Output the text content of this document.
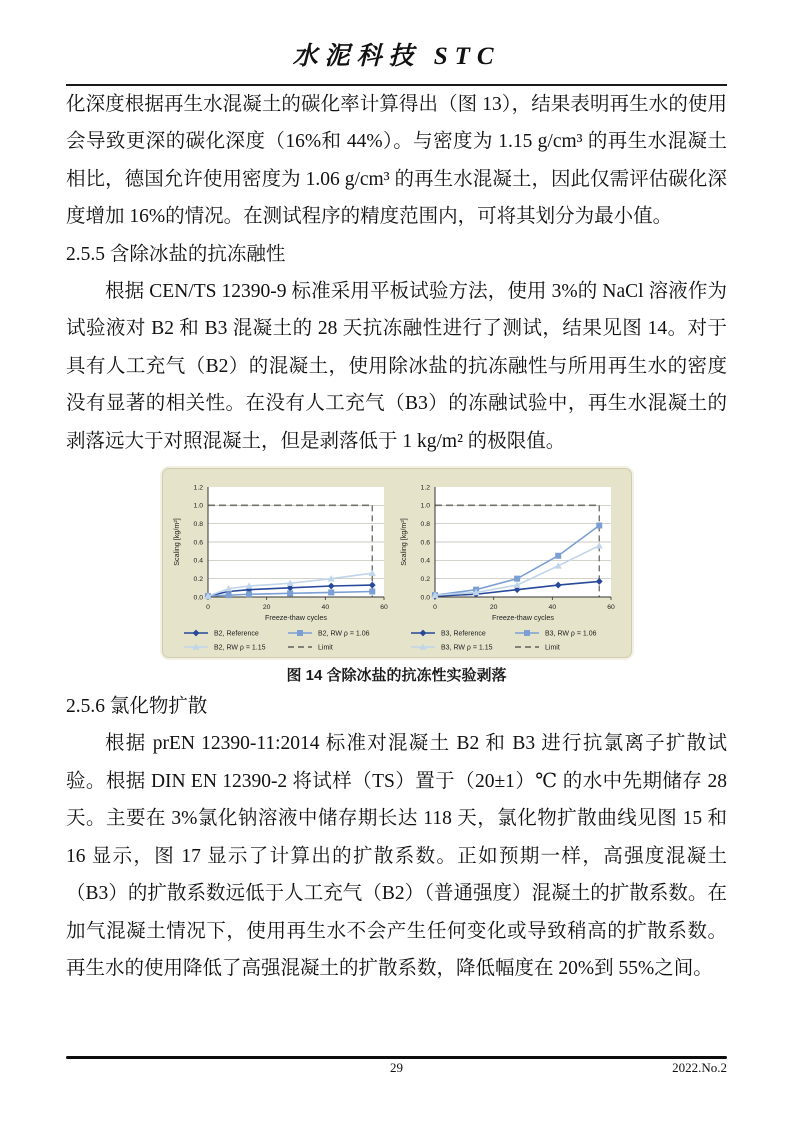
水泥科技 STC

化深度根据再生水混凝土的碳化率计算得出（图 13），结果表明再生水的使用会导致更深的碳化深度（16%和 44%）。与密度为 1.15 g/cm³ 的再生水混凝土相比，德国允许使用密度为 1.06 g/cm³ 的再生水混凝土，因此仅需评估碳化深度增加 16%的情况。在测试程序的精度范围内，可将其划分为最小值。

2.5.5 含除冰盐的抗冻融性

根据 CEN/TS 12390-9 标准采用平板试验方法，使用 3%的 NaCl 溶液作为试验液对 B2 和 B3 混凝土的 28 天抗冻融性进行了测试，结果见图 14。对于具有人工充气（B2）的混凝土，使用除冰盐的抗冻融性与所用再生水的密度没有显著的相关性。在没有人工充气（B3）的冻融试验中，再生水混凝土的剥落远大于对照混凝土，但是剥落低于 1 kg/m² 的极限值。

0.0
0.2
0.4
0.6
0.8
1.0
1.2
0	20	40	60
Freeze-thaw cycles
Scaling [kg/m²]
B2, Reference	B2, RW ρ = 1.06
B2, RW ρ = 1.15	Limit
0.0
0.2
0.4
0.6
0.8
1.0
1.2
0	20	40	60
Freeze-thaw cycles
Scaling [kg/m²]
B3, Reference	B3, RW ρ = 1.06
B3, RW ρ = 1.15	Limit
图 14 含除冰盐的抗冻性实验剥落
2.5.6 氯化物扩散

根据 prEN 12390-11:2014 标准对混凝土 B2 和 B3 进行抗氯离子扩散试验。根据 DIN EN 12390-2 将试样（TS）置于（20±1）℃ 的水中先期储存 28 天。主要在 3%氯化钠溶液中储存期长达 118 天，氯化物扩散曲线见图 15 和 16 显示，图 17 显示了计算出的扩散系数。正如预期一样，高强度混凝土（B3）的扩散系数远低于人工充气（B2）（普通强度）混凝土的扩散系数。在加气混凝土情况下，使用再生水不会产生任何变化或导致稍高的扩散系数。再生水的使用降低了高强混凝土的扩散系数，降低幅度在 20%到 55%之间。

29	2022.No.2
